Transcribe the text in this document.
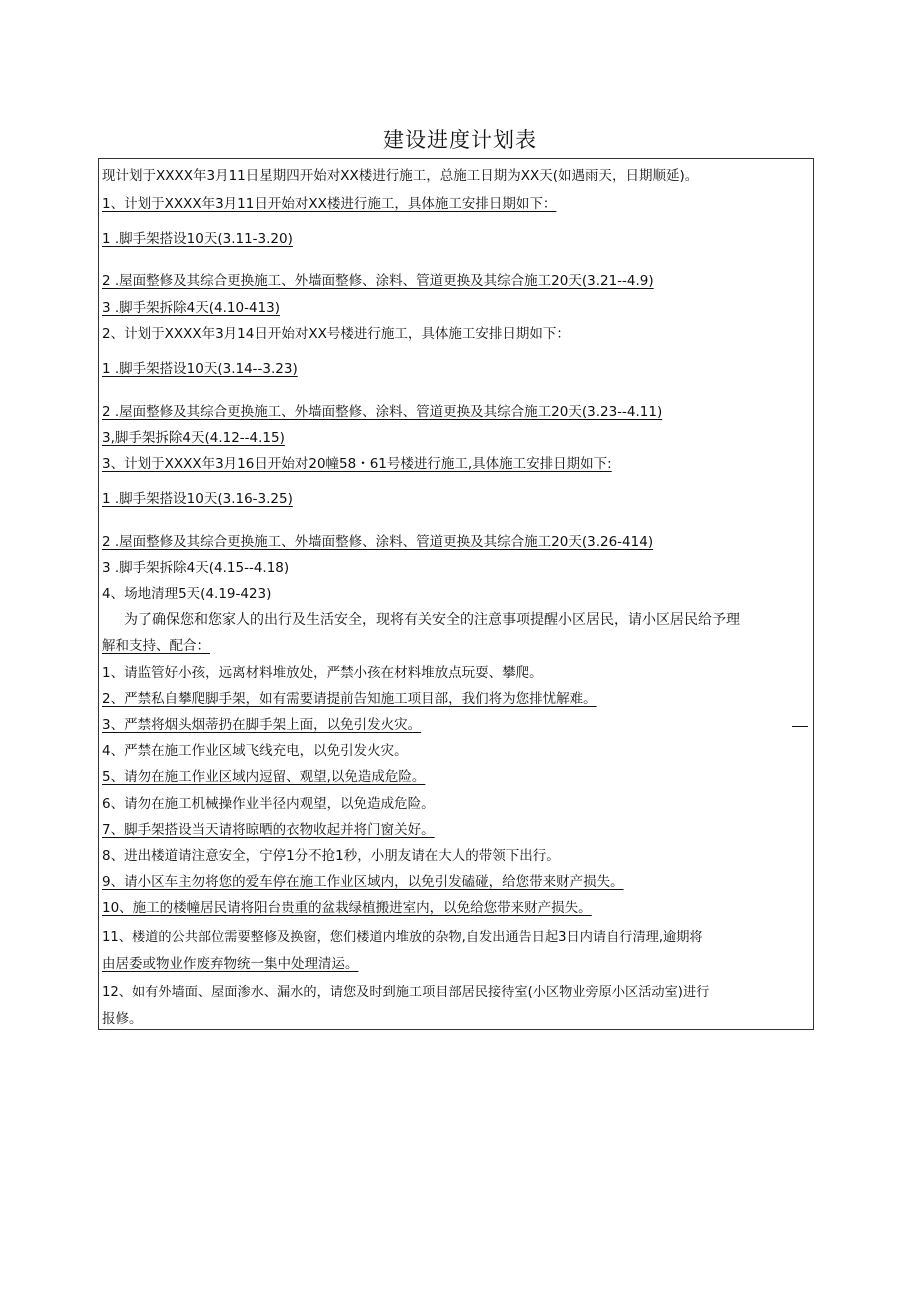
建设进度计划表
现计划于XXXX年3月11日星期四开始对XX楼进行施工，总施工日期为XX天(如遇雨天，日期顺延)。
1、计划于XXXX年3月11日开始对XX楼进行施工，具体施工安排日期如下：
1 .脚手架搭设10天(3.11-3.20)
2 .屋面整修及其综合更换施工、外墙面整修、涂料、管道更换及其综合施工20天(3.21--4.9)
3 .脚手架拆除4天(4.10-413)
2、计划于XXXX年3月14日开始对XX号楼进行施工，具体施工安排日期如下：
1 .脚手架搭设10天(3.14--3.23)
2 .屋面整修及其综合更换施工、外墙面整修、涂料、管道更换及其综合施工20天(3.23--4.11)
3,脚手架拆除4天(4.12--4.15)
3、计划于XXXX年3月16日开始对20幢58・61号楼进行施工,具体施工安排日期如下:
1 .脚手架搭设10天(3.16-3.25)
2 .屋面整修及其综合更换施工、外墙面整修、涂料、管道更换及其综合施工20天(3.26-414)
3 .脚手架拆除4天(4.15--4.18)
4、场地清理5天(4.19-423)
为了确保您和您家人的出行及生活安全，现将有关安全的注意事项提醒小区居民，请小区居民给予理
解和支持、配合：
1、请监管好小孩，远离材料堆放处，严禁小孩在材料堆放点玩耍、攀爬。
2、严禁私自攀爬脚手架，如有需要请提前告知施工项目部，我们将为您排忧解难。
3、严禁将烟头烟蒂扔在脚手架上面，以免引发火灾。
4、严禁在施工作业区域飞线充电，以免引发火灾。
5、请勿在施工作业区域内逗留、观望,以免造成危险。
6、请勿在施工机械操作业半径内观望，以免造成危险。
7、脚手架搭设当天请将晾晒的衣物收起并将门窗关好。
8、进出楼道请注意安全，宁停1分不抢1秒，小朋友请在大人的带领下出行。
9、请小区车主勿将您的爱车停在施工作业区域内，以免引发磕碰，给您带来财产损失。
10、施工的楼幢居民请将阳台贵重的盆栽绿植搬进室内，以免给您带来财产损失。
11、楼道的公共部位需要整修及换窗，您们楼道内堆放的杂物,自发出通告日起3日内请自行清理,逾期将
由居委或物业作废弃物统一集中处理清运。
12、如有外墙面、屋面渗水、漏水的，请您及时到施工项目部居民接待室(小区物业旁原小区活动室)进行
报修。
